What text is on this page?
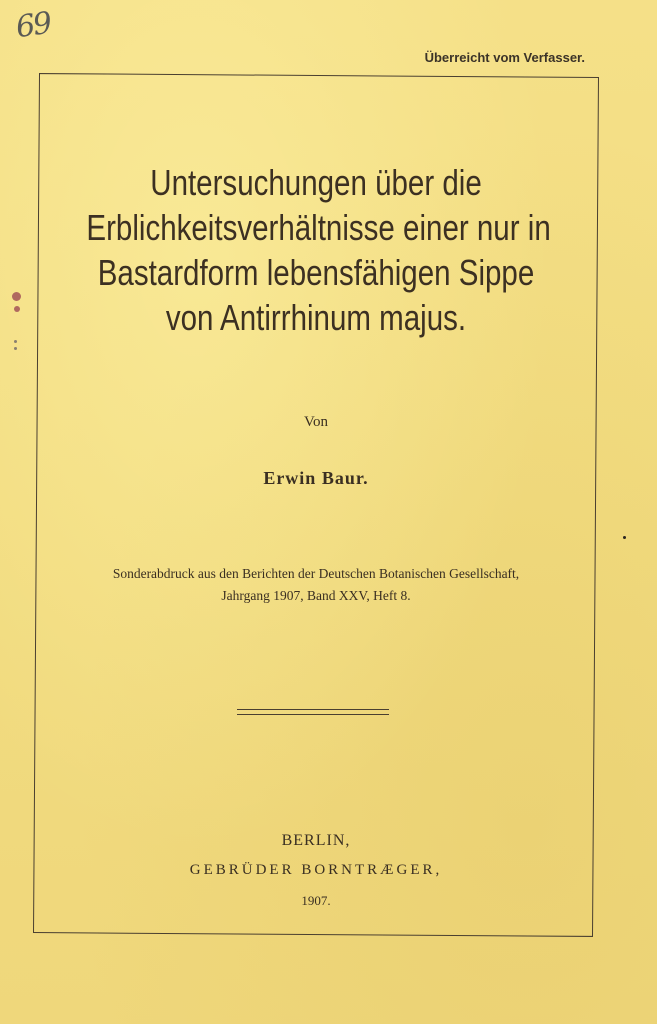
69
Überreicht vom Verfasser.
Untersuchungen über die
Erblichkeitsverhältnisse einer nur in
Bastardform lebensfähigen Sippe
von Antirrhinum majus.
Von
Erwin Baur.
Sonderabdruck aus den Berichten der Deutschen Botanischen Gesellschaft,
Jahrgang 1907, Band XXV, Heft 8.
BERLIN,
GEBRÜDER BORNTRÆGER,
1907.
